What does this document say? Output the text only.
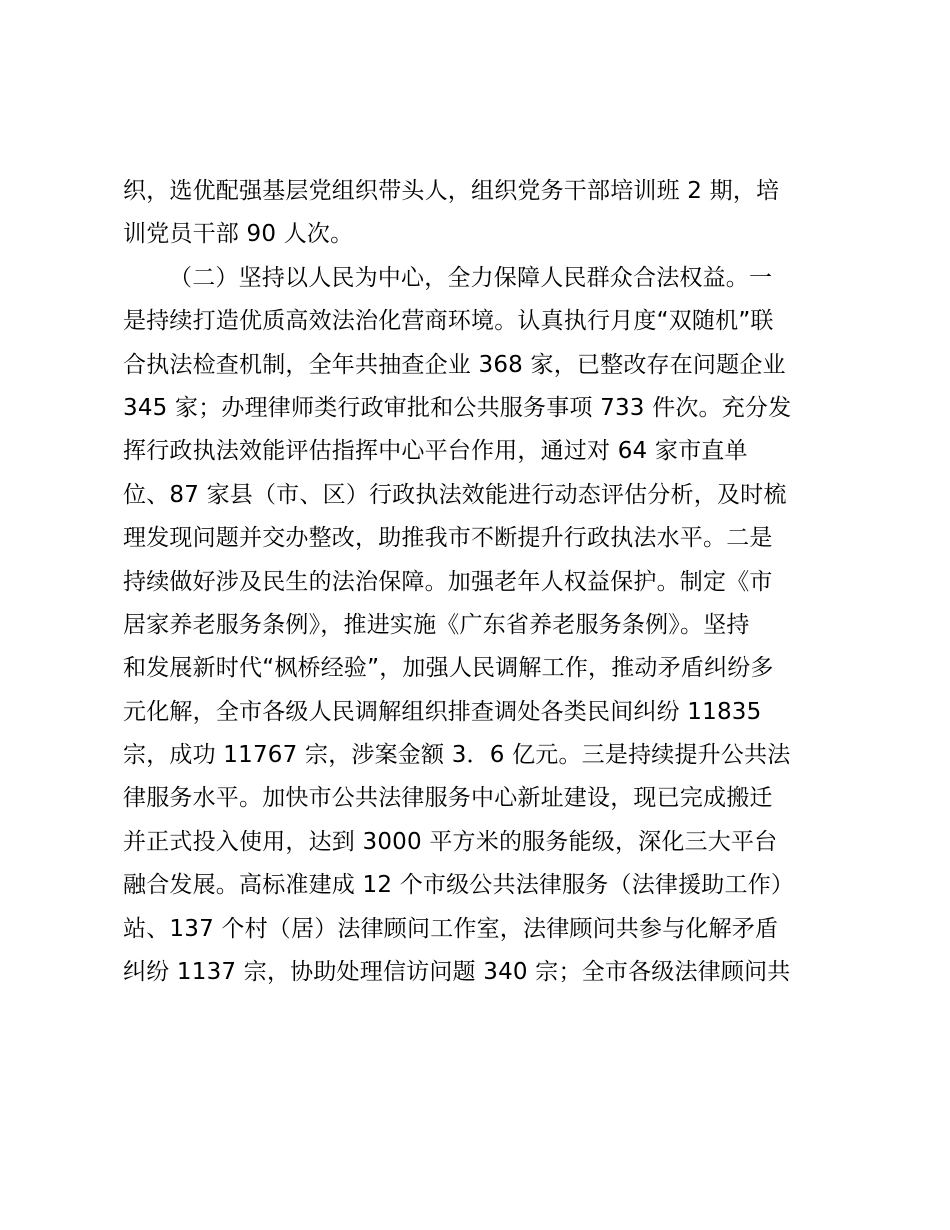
织，选优配强基层党组织带头人，组织党务干部培训班 2 期，培
训党员干部 90 人次。
（二）坚持以人民为中心，全力保障人民群众合法权益。一
是持续打造优质高效法治化营商环境。认真执行月度“双随机”联
合执法检查机制，全年共抽查企业 368 家，已整改存在问题企业
345 家；办理律师类行政审批和公共服务事项 733 件次。充分发
挥行政执法效能评估指挥中心平台作用，通过对 64 家市直单
位、87 家县（市、区）行政执法效能进行动态评估分析，及时梳
理发现问题并交办整改，助推我市不断提升行政执法水平。二是
持续做好涉及民生的法治保障。加强老年人权益保护。制定《市
居家养老服务条例》，推进实施《广东省养老服务条例》。坚持
和发展新时代“枫桥经验”，加强人民调解工作，推动矛盾纠纷多
元化解，全市各级人民调解组织排查调处各类民间纠纷 11835
宗，成功 11767 宗，涉案金额 3．6 亿元。三是持续提升公共法
律服务水平。加快市公共法律服务中心新址建设，现已完成搬迁
并正式投入使用，达到 3000 平方米的服务能级，深化三大平台
融合发展。高标准建成 12 个市级公共法律服务（法律援助工作）
站、137 个村（居）法律顾问工作室，法律顾问共参与化解矛盾
纠纷 1137 宗，协助处理信访问题 340 宗；全市各级法律顾问共
